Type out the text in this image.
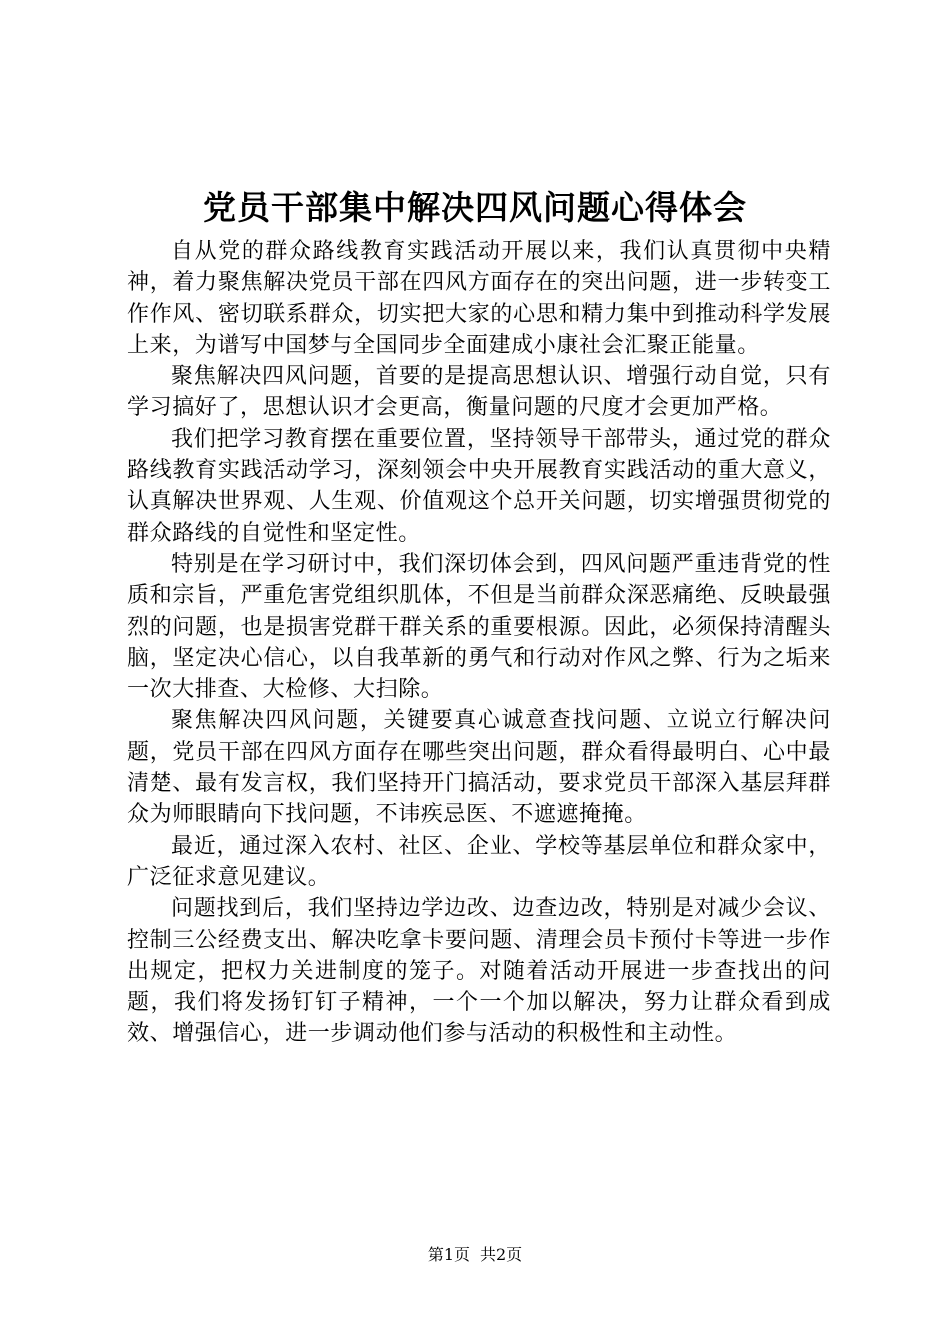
党员干部集中解决四风问题心得体会

自从党的群众路线教育实践活动开展以来，我们认真贯彻中央精神，着力聚焦解决党员干部在四风方面存在的突出问题，进一步转变工作作风、密切联系群众，切实把大家的心思和精力集中到推动科学发展上来，为谱写中国梦与全国同步全面建成小康社会汇聚正能量。

聚焦解决四风问题，首要的是提高思想认识、增强行动自觉，只有学习搞好了，思想认识才会更高，衡量问题的尺度才会更加严格。

我们把学习教育摆在重要位置，坚持领导干部带头，通过党的群众路线教育实践活动学习，深刻领会中央开展教育实践活动的重大意义，认真解决世界观、人生观、价值观这个总开关问题，切实增强贯彻党的群众路线的自觉性和坚定性。

特别是在学习研讨中，我们深切体会到，四风问题严重违背党的性质和宗旨，严重危害党组织肌体，不但是当前群众深恶痛绝、反映最强烈的问题，也是损害党群干群关系的重要根源。因此，必须保持清醒头脑，坚定决心信心，以自我革新的勇气和行动对作风之弊、行为之垢来一次大排查、大检修、大扫除。

聚焦解决四风问题，关键要真心诚意查找问题、立说立行解决问题，党员干部在四风方面存在哪些突出问题，群众看得最明白、心中最清楚、最有发言权，我们坚持开门搞活动，要求党员干部深入基层拜群众为师眼睛向下找问题，不讳疾忌医、不遮遮掩掩。

最近，通过深入农村、社区、企业、学校等基层单位和群众家中，广泛征求意见建议。

问题找到后，我们坚持边学边改、边查边改，特别是对减少会议、控制三公经费支出、解决吃拿卡要问题、清理会员卡预付卡等进一步作出规定，把权力关进制度的笼子。对随着活动开展进一步查找出的问题，我们将发扬钉钉子精神，一个一个加以解决，努力让群众看到成效、增强信心，进一步调动他们参与活动的积极性和主动性。

第1页 共2页
